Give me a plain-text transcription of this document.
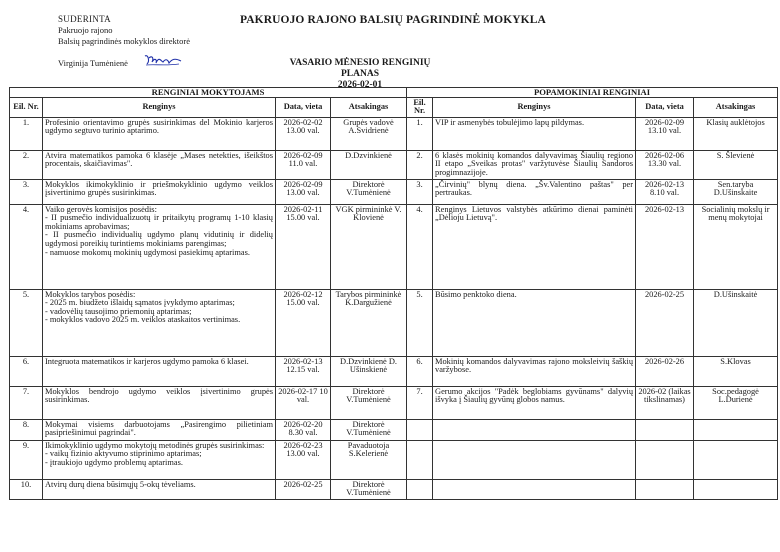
SUDERINTA
Pakruojo rajono
Balsių pagrindinės mokyklos direktorė
Virginija Tumėnienė
PAKRUOJO RAJONO BALSIŲ PAGRINDINĖ MOKYKLA
VASARIO MĖNESIO RENGINIŲ
PLANAS
2026-02-01
RENGINIAI MOKYTOJAMS				POPAMOKINIAI RENGINIAI			
Eil. Nr.	Renginys	Data, vieta	Atsakingas	Eil. Nr.	Renginys	Data, vieta	Atsakingas
1.	Profesinio orientavimo grupės susirinkimas del Mokinio karjeros ugdymo segtuvo turinio aptarimo.	2026-02-02 13.00 val.	Grupės vadovė A.Svidrienė	1.	VIP ir asmenybės tobulėjimo lapų pildymas.	2026-02-09 13.10 val.	Klasių auklėtojos
2.	Atvira matematikos pamoka 6 klasėje „Mases netekties, išeikštos procentais, skaičiavimas".	2026-02-09 11.0 val.	D.Dzvinkienė	2.	6 klasės mokinių komandos dalyvavimas Šiaulių regiono II etapo „Sveikas protas" varžytuvėse Šiaulių Sandoros progimnazijoje.	2026-02-06 13.30 val.	S. Šlevienė
3.	Mokyklos ikimokyklinio ir priešmokyklinio ugdymo veiklos įsivertinimo grupės susirinkimas.	2026-02-09 13.00 val.	Direktorė V.Tumėnienė	3.	„Čirvinių" blynų dienа. „Šv.Valentino paštas" per pertraukas.	2026-02-13 8.10 val.	Sen.taryba D.Ušinskaite
4.	Vaiko gerovės komisijos posėdis:
- II pusmečio individualizuotų ir pritaikytų programų 1-10 klasių mokiniams aprobavimas;
- II pusmečio individualių ugdymo planų vidutinių ir didelių ugdymosi poreikių turintiems mokiniams parengimas;
- namuose mokomų mokinių ugdymosi pasiekimų aptarimas.	2026-02-11 15.00 val.	VGK pirmininkė V. Klovienė	4.	Renginys Lietuvos valstybės atkūrimo dienai paminėti „Dėlioju Lietuvą".	2026-02-13	Socialinių mokslų ir menų mokytojai
5.	Mokyklos tarybos posėdis:
- 2025 m. biudžeto išlaidų sąmatos įvykdymo aptarimas;
- vadovėlių tausojimo priemonių aptarimas;
- mokyklos vadovo 2025 m. veiklos ataskaitos vertinimas.	2026-02-12 15.00 val.	Tarybos pirmininkė K.Dargužienė	5.	Būsimo penktoko diena.	2026-02-25	D.Ušinskaitė
6.	Integruota matematikos ir karjeros ugdymo pamoka 6 klasei.	2026-02-13 12.15 val.	D.Dzvinkienė D. Ušinskienė	6.	Mokinių komandos dalyvavimas rajono moksleivių šaškių varžybose.	2026-02-26	S.Klovas
7.	Mokyklos bendrojo ugdymo veiklos įsivertinimo grupės susirinkimas.	2026-02-17 10 val.	Direktorė V.Tumėnienė	7.	Gerumo akcijos "Padėk beglobiams gyvūnams" dalyvių išvyka į Šiaulių gyvūnų globos namus.	2026-02 (laikas tikslinamas)	Soc.pedagogė L.Durienė
8.	Mokymai visiems darbuotojams „Pasirengimo pilietiniam pasipriešinimui pagrindai".	2026-02-20 8.30 val.	Direktorė V.Tumėnienė				
9.	Ikimokyklinio ugdymo mokytojų metodinės grupės susirinkimas:
- vaikų fizinio aktyvumo stiprinimo aptarimas;
- įtraukiojo ugdymo problemų aptarimas.	2026-02-23 13.00 val.	Pavaduotoja S.Kelerienė				
10.	Atvirų durų diena būsimųjų 5-okų tėveliams.	2026-02-25	Direktorė V.Tumėnienė				
